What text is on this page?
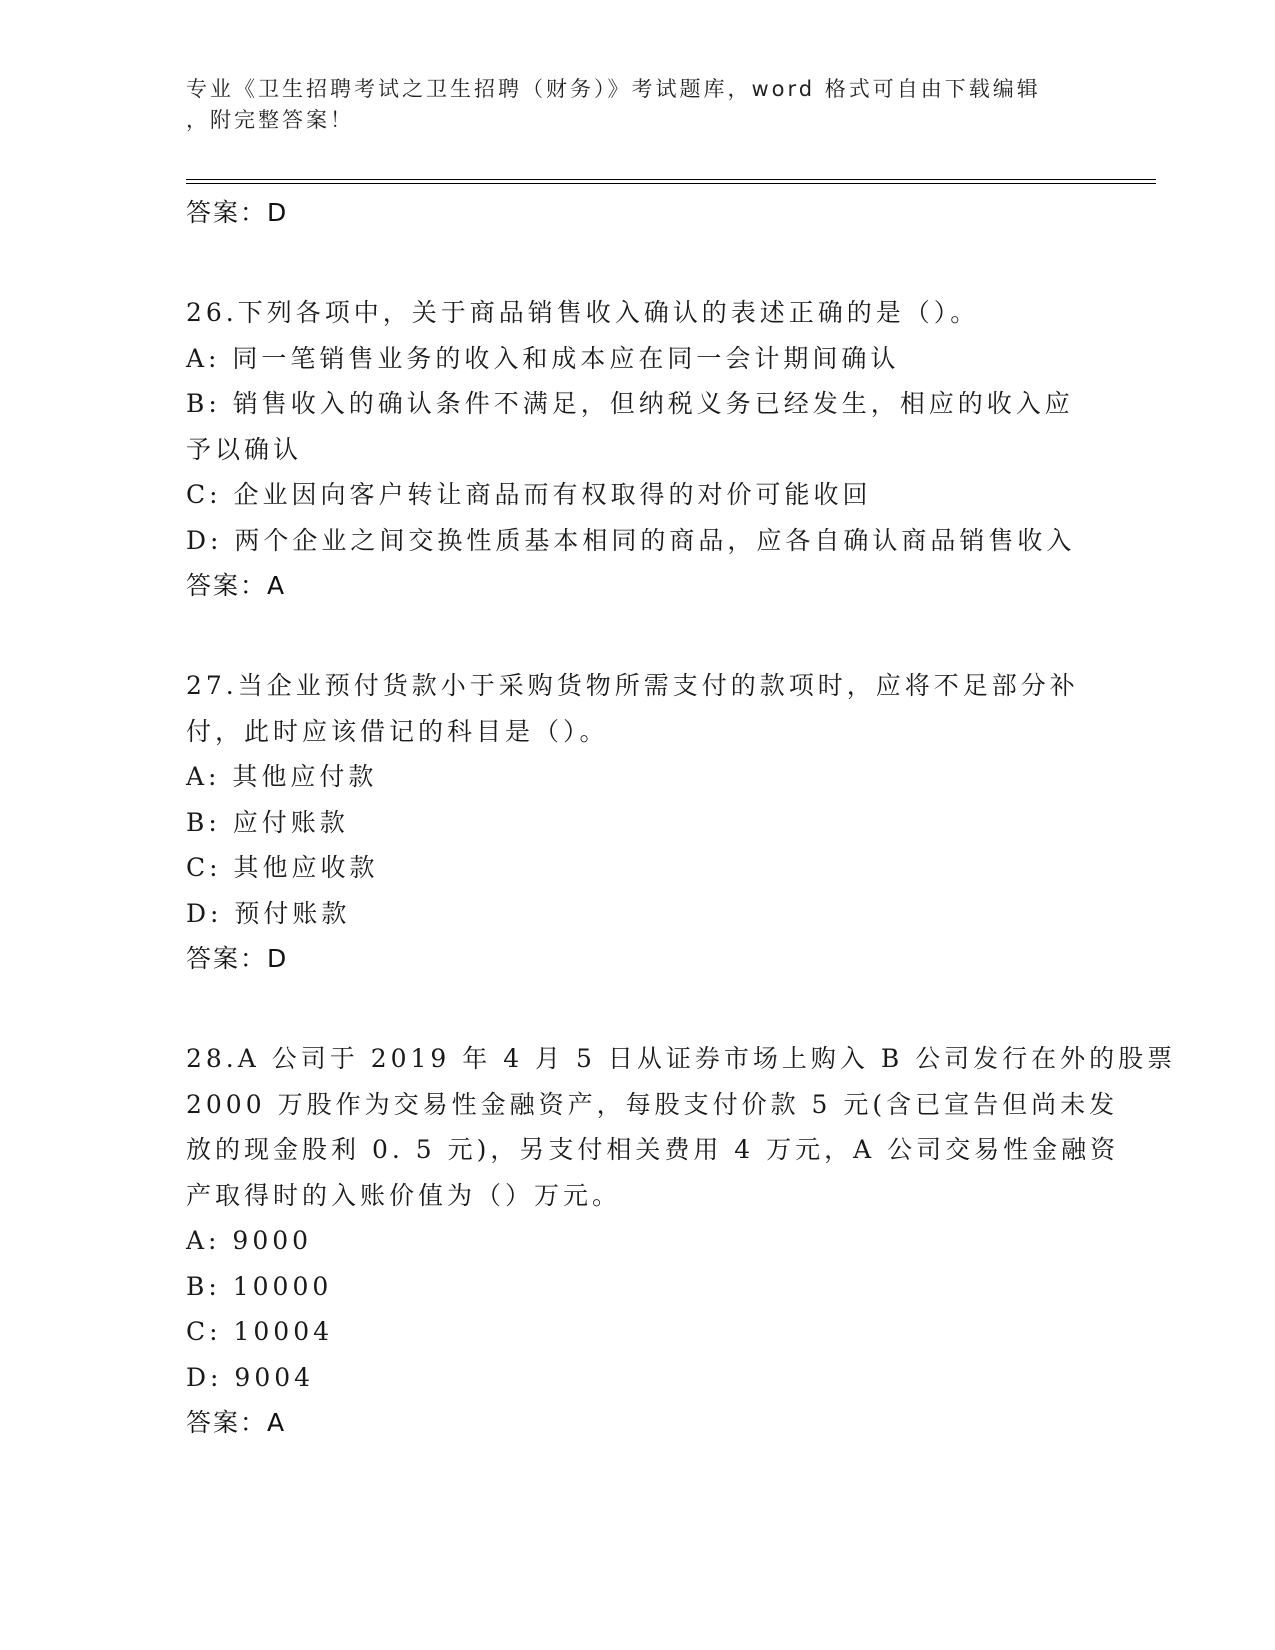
专业《卫生招聘考试之卫生招聘（财务）》考试题库，word 格式可自由下载编辑
，附完整答案！
答案：D
26.下列各项中，关于商品销售收入确认的表述正确的是（）。
A: 同一笔销售业务的收入和成本应在同一会计期间确认
B: 销售收入的确认条件不满足，但纳税义务已经发生，相应的收入应
予以确认
C: 企业因向客户转让商品而有权取得的对价可能收回
D: 两个企业之间交换性质基本相同的商品，应各自确认商品销售收入
答案：A
27.当企业预付货款小于采购货物所需支付的款项时，应将不足部分补
付，此时应该借记的科目是（）。
A: 其他应付款
B: 应付账款
C: 其他应收款
D: 预付账款
答案：D
28.A 公司于 2019 年 4 月 5 日从证券市场上购入 B 公司发行在外的股票
2000 万股作为交易性金融资产，每股支付价款 5 元(含已宣告但尚未发
放的现金股利 0. 5 元)，另支付相关费用 4 万元，A 公司交易性金融资
产取得时的入账价值为（）万元。
A: 9000
B: 10000
C: 10004
D: 9004
答案：A
